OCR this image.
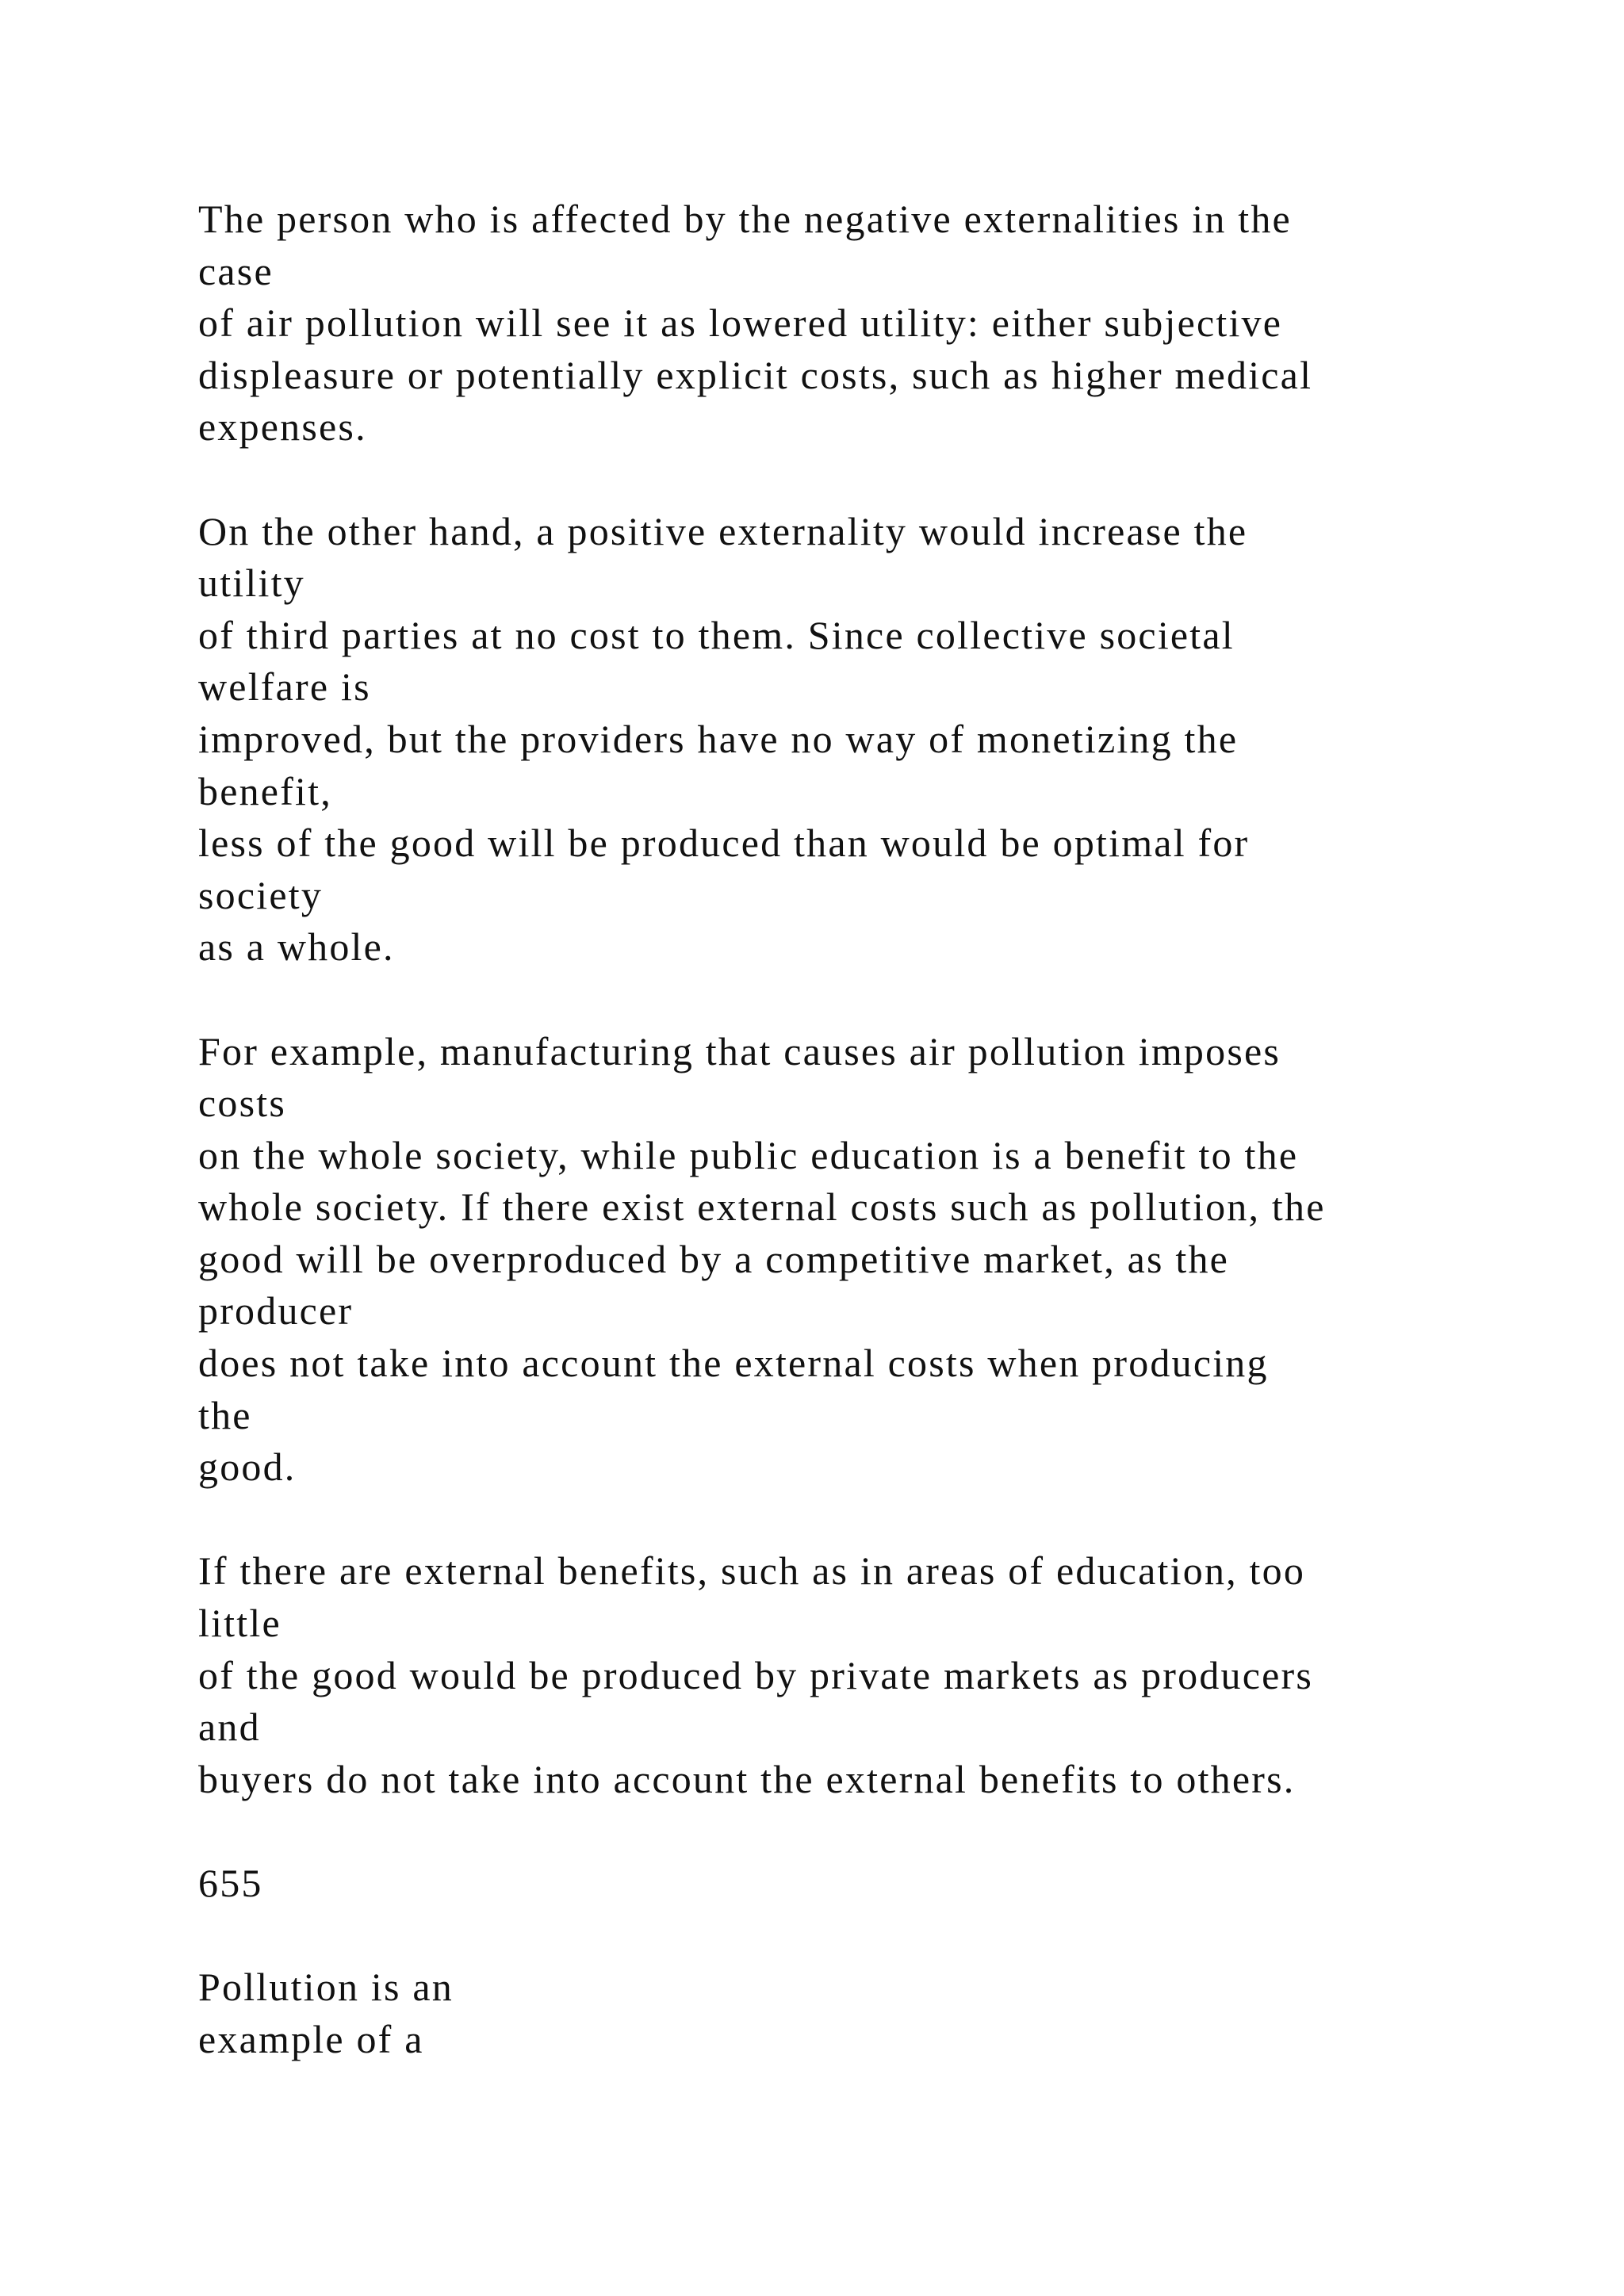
The person who is affected by the negative externalities in the
case
of air pollution will see it as lowered utility: either subjective
displeasure or potentially explicit costs, such as higher medical
expenses.
On the other hand, a positive externality would increase the
utility
of third parties at no cost to them. Since collective societal
welfare is
improved, but the providers have no way of monetizing the
benefit,
less of the good will be produced than would be optimal for
society
as a whole.
For example, manufacturing that causes air pollution imposes
costs
on the whole society, while public education is a benefit to the
whole society. If there exist external costs such as pollution, the
good will be overproduced by a competitive market, as the
producer
does not take into account the external costs when producing
the
good.
If there are external benefits, such as in areas of education, too
little
of the good would be produced by private markets as producers
and
buyers do not take into account the external benefits to others.
655
Pollution is an
example of a
